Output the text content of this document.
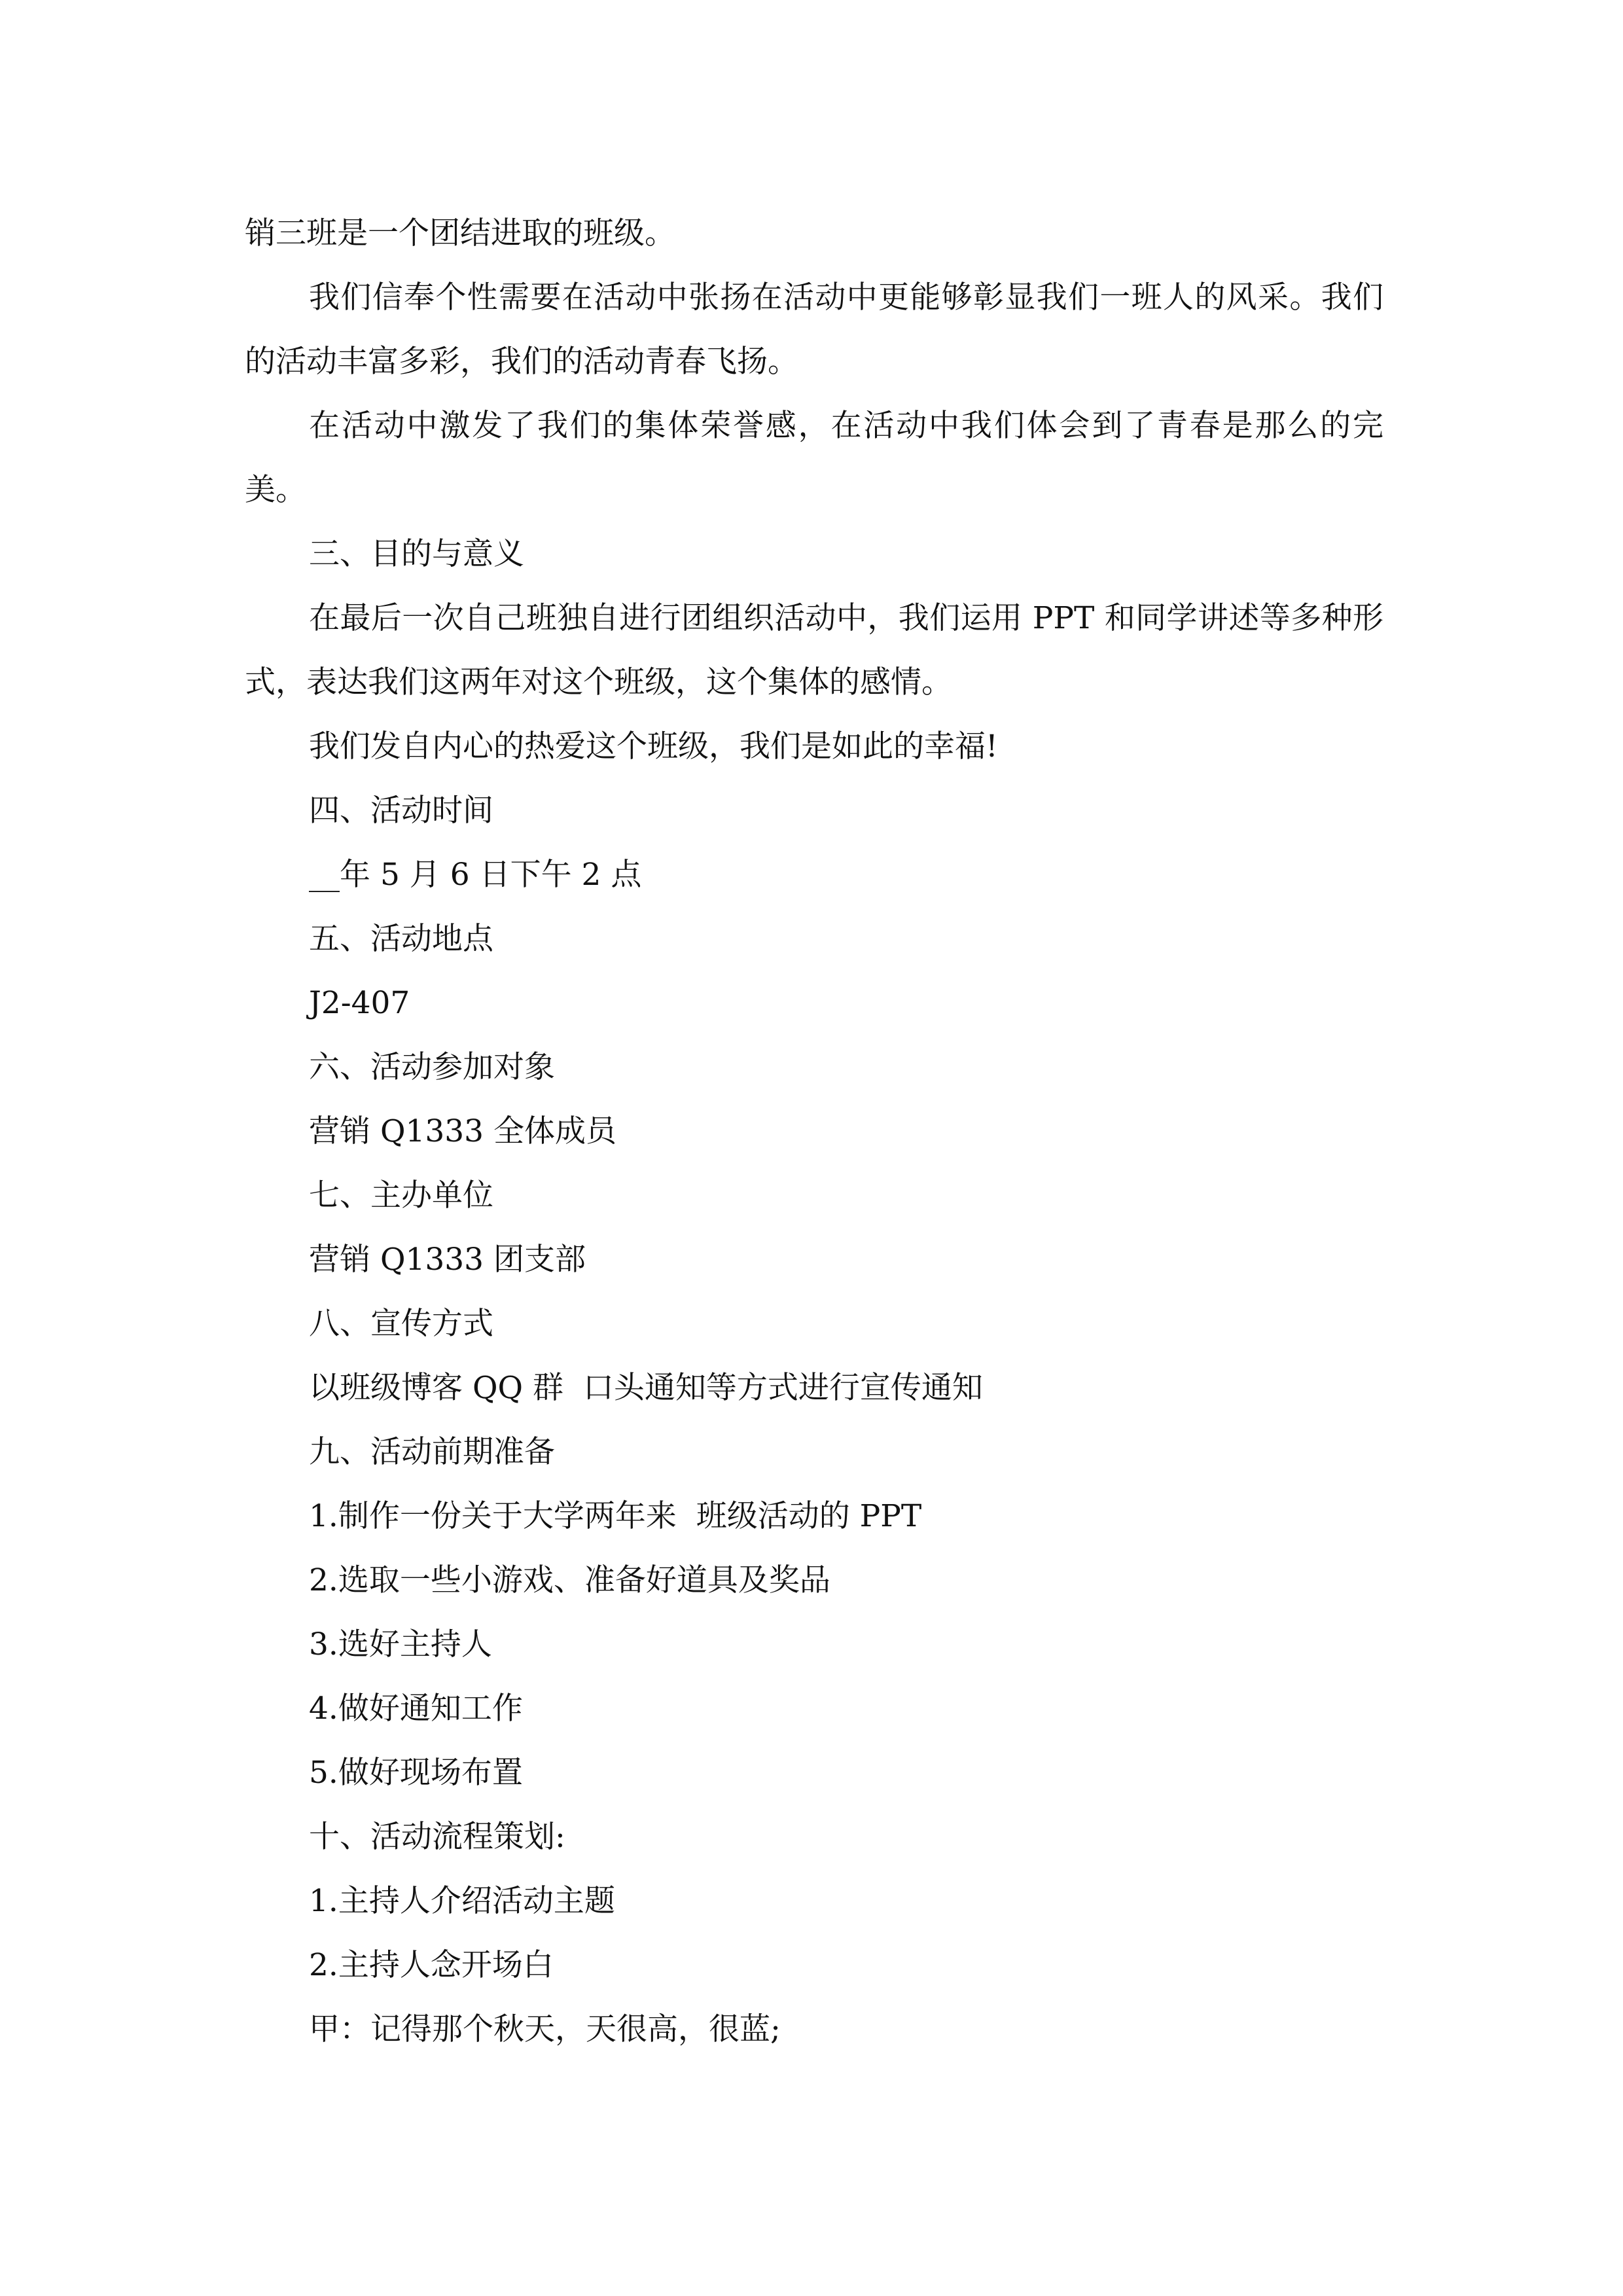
销三班是一个团结进取的班级。

我们信奉个性需要在活动中张扬在活动中更能够彰显我们一班人的风采。我们  的活动丰富多彩，我们的活动青春飞扬。

在活动中激发了我们的集体荣誉感，在活动中我们体会到了青春是那么的完美。

三、目的与意义

在最后一次自己班独自进行团组织活动中，我们运用 PPT 和同学讲述等多种形式，表达我们这两年对这个班级，这个集体的感情。

我们发自内心的热爱这个班级，我们是如此的幸福!

四、活动时间

__年 5 月 6 日下午 2 点

五、活动地点

J2-407

六、活动参加对象

营销 Q1333 全体成员

七、主办单位

营销 Q1333 团支部

八、宣传方式

以班级博客 QQ 群  口头通知等方式进行宣传通知

九、活动前期准备

1.制作一份关于大学两年来  班级活动的 PPT

2.选取一些小游戏、准备好道具及奖品

3.选好主持人

4.做好通知工作

5.做好现场布置

十、活动流程策划:

1.主持人介绍活动主题

2.主持人念开场白

甲：记得那个秋天，天很高，很蓝;
